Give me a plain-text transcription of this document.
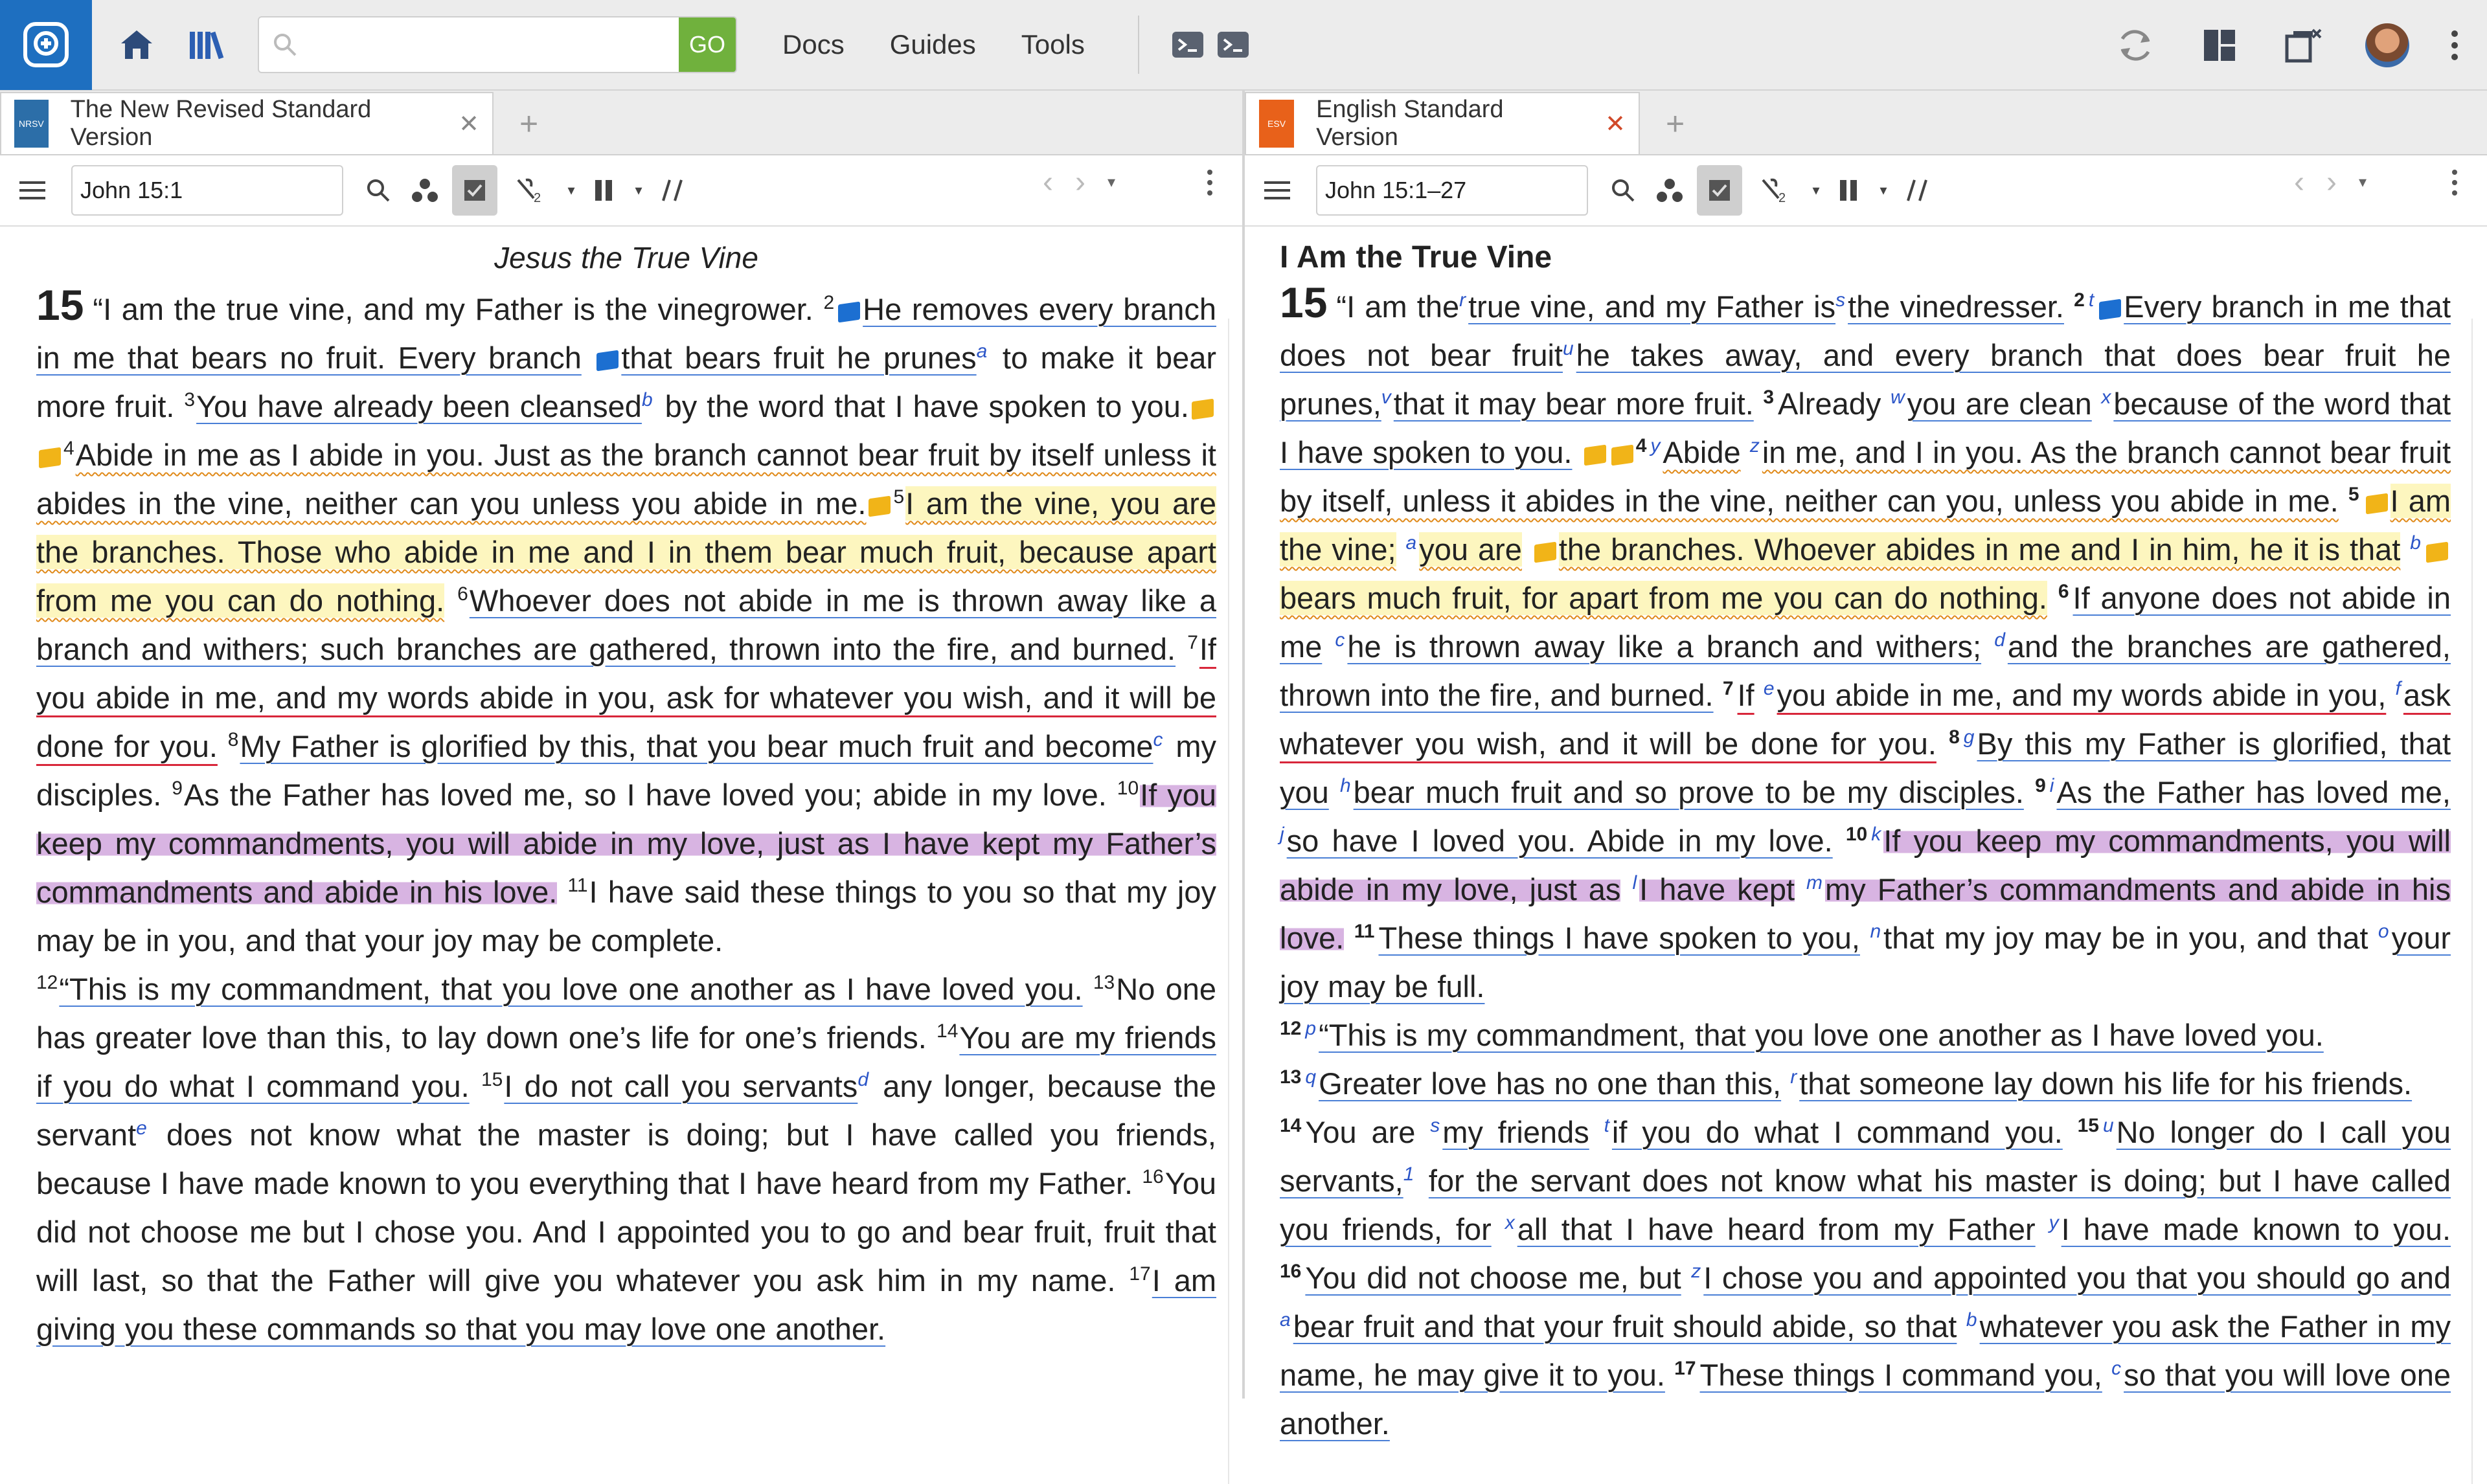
GO	Docs Guides Tools
NRSV
The New Revised Standard Version	✕ +
John 15:1	2 ▾	▾	‹ › ▾
Jesus the True Vine

15 “I am the true vine, and my Father is the vinegrower. $^2$ He removes every branch in me that bears no fruit. Every branch that bears fruit he prunes$^a$ to make it bear more fruit. $^3$You have already been cleansed$^b$ by the word that I have spoken to you. $^4$Abide in me as I abide in you. Just as the branch cannot bear fruit by itself unless it abides in the vine, neither can you unless you abide in me. $^5$I am the vine, you are the branches. Those who abide in me and I in them bear much fruit, because apart from me you can do nothing. $^6$Whoever does not abide in me is thrown away like a branch and withers; such branches are gathered, thrown into the fire, and burned. $^7$If you abide in me, and my words abide in you, ask for whatever you wish, and it will be done for you. $^8$My Father is glorified by this, that you bear much fruit and become$^c$ my disciples. $^9$As the Father has loved me, so I have loved you; abide in my love. $^{10}$If you keep my commandments, you will abide in my love, just as I have kept my Father’s commandments and abide in his love. $^{11}$I have said these things to you so that my joy may be in you, and that your joy may be complete.
$^{12}$“This is my commandment, that you love one another as I have loved you. $^{13}$No one has greater love than this, to lay down one’s life for one’s friends. $^{14}$You are my friends if you do what I command you. $^{15}$I do not call you servants$^d$ any longer, because the servant$^e$ does not know what the master is doing; but I have called you friends, because I have made known to you everything that I have heard from my Father. $^{16}$You did not choose me but I chose you. And I appointed you to go and bear fruit, fruit that will last, so that the Father will give you whatever you ask him in my name. $^{17}$I am giving you these commands so that you may love one another.

ESV
English Standard Version	✕ +
John 15:1–27	2 ▾	▾	‹ › ▾
I Am the True Vine

15 “I am the$^r$true vine, and my Father is$^s$the vinedresser. $^2$ $^t$ Every branch in me that does not bear fruit$^u$he takes away, and every branch that does bear fruit he prunes,$^v$that it may bear more fruit. $^3$ Already $^w$you are clean $^x$because of the word that I have spoken to you.	$^4$ $^y$Abide $^z$in me, and I in you. As the branch cannot bear fruit by itself, unless it abides in the vine, neither can you, unless you abide in me. $^5$ I am the vine; $^a$you are the branches. Whoever abides in me and I in him, he it is that $^b$bears much fruit, for apart from me you can do nothing. $^6$ If anyone does not abide in me $^c$he is thrown away like a branch and withers; $^d$and the branches are gathered, thrown into the fire, and burned. $^7$ If $^e$you abide in me, and my words abide in you, $^f$ask whatever you wish, and it will be done for you. $^8$ $^g$By this my Father is glorified, that you $^h$bear much fruit and so prove to be my disciples. $^9$ $^i$As the Father has loved me, $^j$so have I loved you. Abide in my love. $^{10}$ $^k$If you keep my commandments, you will abide in my love, just as $^l$I have kept $^m$my Father’s commandments and abide in his love. $^{11}$ These things I have spoken to you, $^n$that my joy may be in you, and that $^o$your joy may be full.
$^{12}$ $^p$“This is my commandment, that you love one another as I have loved you.
$^{13}$ $^q$Greater love has no one than this, $^r$that someone lay down his life for his friends.
$^{14}$ You are $^s$my friends $^t$if you do what I command you. $^{15}$ $^u$No longer do I call you servants,$^1$ for the servant does not know what his master is doing; but I have called you friends, for $^x$all that I have heard from my Father $^y$I have made known to you. $^{16}$ You did not choose me, but $^z$I chose you and appointed you that you should go and $^a$bear fruit and that your fruit should abide, so that $^b$whatever you ask the Father in my name, he may give it to you. $^{17}$ These things I command you, $^c$so that you will love one another.
